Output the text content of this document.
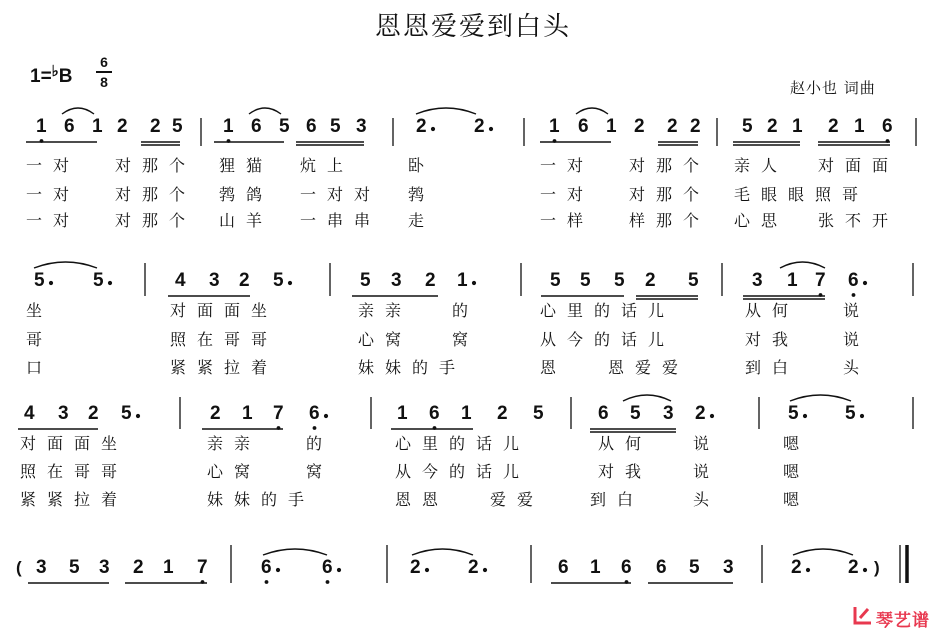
恩恩爱爱到白头
1=♭B
6
8	赵小也 词曲
(	)
1 6 1 2 2 5 1 6 5 6 5 3	2 2	1 6 1 2 2 2 5 2 1 2 1 6
一对 对那个 狸猫 炕上	卧	一对 对那个 亲人 对面面
一对 对那个 鹁鸽 一对对 鹁	一对 对那个 毛眼眼照哥
一对 对那个 山羊 一串串 走	一样 样那个 心思 张不开
5	5	4 3 2 5	5 3 2 1	5 5 5 2 5	3 1 7 6
坐	对面面坐	亲亲 的	心里的话儿	从何	说
哥	照在哥哥	心窝 窝	从今的话儿	对我	说
口	紧紧拉着	妹妹的手	恩	恩爱爱	到白	头
4 3 2 5	2 1 7 6	1 6 1 2 5	6 5 3 2	5 5
对面面坐	亲亲	的	心里的话儿	从何	说	嗯
照在哥哥	心窝	窝	从今的话儿	对我	说	嗯
紧紧拉着	妹妹的手	恩恩	爱爱	到白	头	嗯
3 5 3 2 1 7	6	6	2 2	6 1 6 6 5 3	2 2
琴艺谱
